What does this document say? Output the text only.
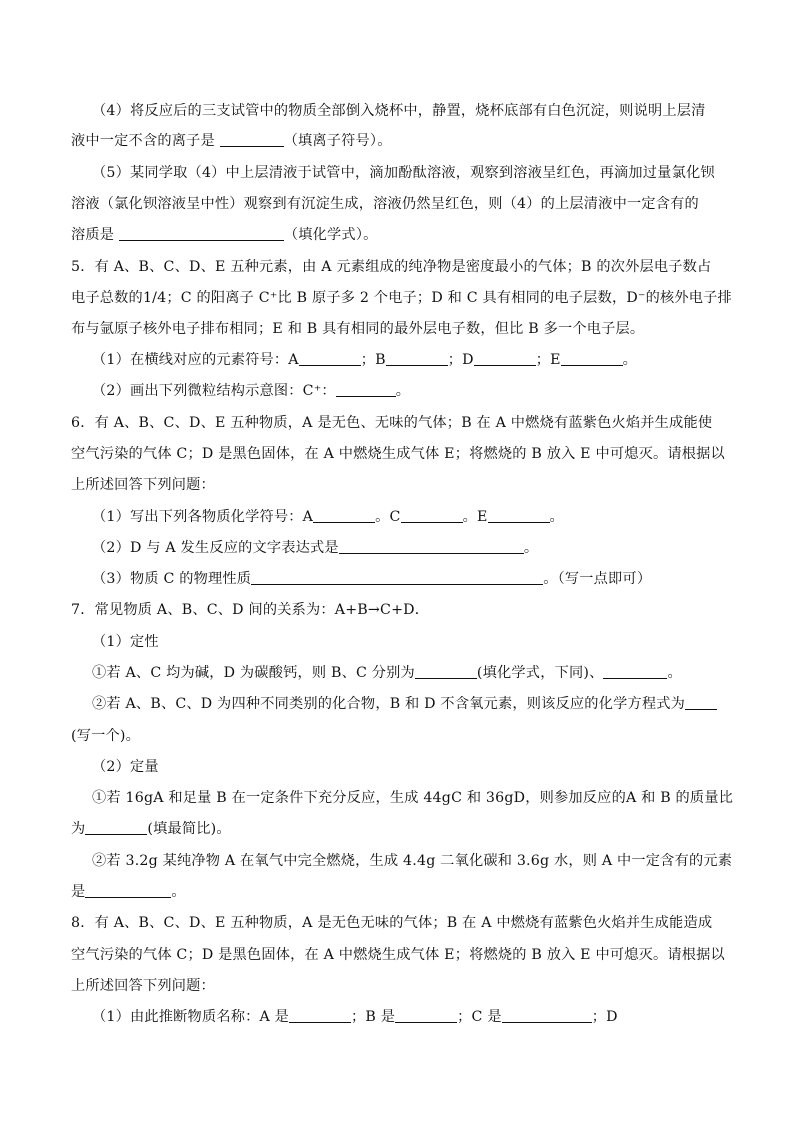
（4）将反应后的三支试管中的物质全部倒入烧杯中，静置，烧杯底部有白色沉淀，则说明上层清
液中一定不含的离子是	（填离子符号）。
（5）某同学取（4）中上层清液于试管中，滴加酚酞溶液，观察到溶液呈红色，再滴加过量氯化钡
溶液（氯化钡溶液呈中性）观察到有沉淀生成，溶液仍然呈红色，则（4）的上层清液中一定含有的
溶质是	（填化学式）。
5．有 A、B、C、D、E 五种元素，由 A 元素组成的纯净物是密度最小的气体；B 的次外层电子数占
电子总数的1/4；C 的阳离子 C⁺比 B 原子多 2 个电子；D 和 C 具有相同的电子层数，D⁻的核外电子排
布与氩原子核外电子排布相同；E 和 B 具有相同的最外层电子数，但比 B 多一个电子层。
（1）在横线对应的元素符号：A	；B	；D	；E	。
（2）画出下列微粒结构示意图：C⁺：	。
6．有 A、B、C、D、E 五种物质，A 是无色、无味的气体；B 在 A 中燃烧有蓝紫色火焰并生成能使
空气污染的气体 C；D 是黑色固体，在 A 中燃烧生成气体 E；将燃烧的 B 放入 E 中可熄灭。请根据以
上所述回答下列问题：
（1）写出下列各物质化学符号：A	。C	。E	。
（2）D 与 A 发生反应的文字表达式是	。
（3）物质 C 的物理性质	。（写一点即可）
7．常见物质 A、B、C、D 间的关系为：A+B→C+D．
（1）定性
①若 A、C 均为碱，D 为碳酸钙，则 B、C 分别为	(填化学式，下同)、	。
②若 A、B、C、D 为四种不同类别的化合物，B 和 D 不含氧元素，则该反应的化学方程式为
(写一个)。
（2）定量
①若 16gA 和足量 B 在一定条件下充分反应，生成 44gC 和 36gD，则参加反应的A 和 B 的质量比
为	(填最简比)。
②若 3.2g 某纯净物 A 在氧气中完全燃烧，生成 4.4g 二氧化碳和 3.6g 水，则 A 中一定含有的元素
是	。
8．有 A、B、C、D、E 五种物质，A 是无色无味的气体；B 在 A 中燃烧有蓝紫色火焰并生成能造成
空气污染的气体 C；D 是黑色固体，在 A 中燃烧生成气体 E；将燃烧的 B 放入 E 中可熄灭。请根据以
上所述回答下列问题：
（1）由此推断物质名称：A 是	；B 是	；C 是	；D
